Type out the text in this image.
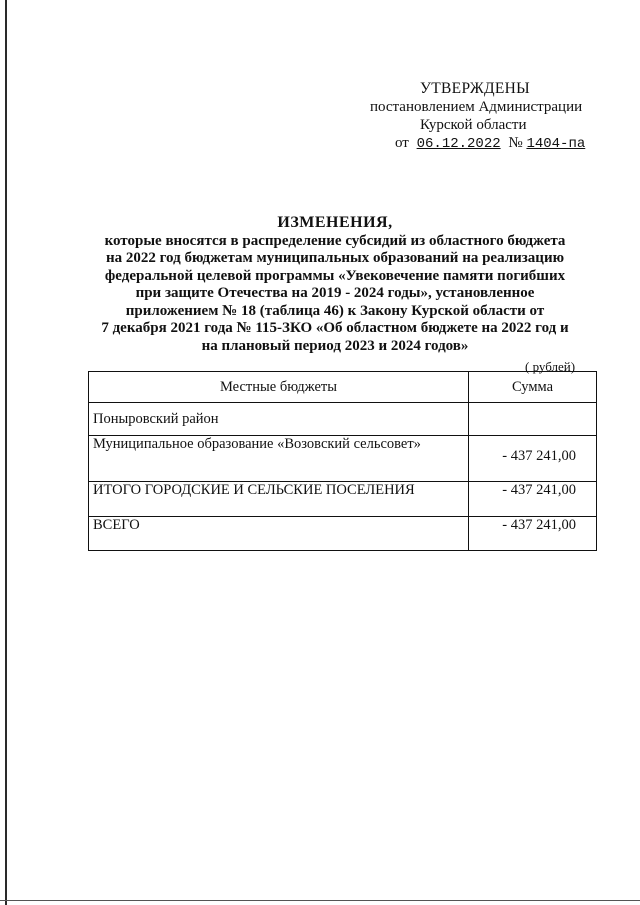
УТВЕРЖДЕНЫ
постановлением Администрации
Курской области
от 06.12.2022 № 1404-па
ИЗМЕНЕНИЯ,
которые вносятся в распределение субсидий из областного бюджета
на 2022 год бюджетам муниципальных образований на реализацию
федеральной целевой программы «Увековечение памяти погибших
при защите Отечества на 2019 - 2024 годы», установленное
приложением № 18 (таблица 46) к Закону Курской области от
7 декабря 2021 года № 115-ЗКО «Об областном бюджете на 2022 год и
на плановый период 2023 и 2024 годов»
( рублей)
Местные бюджеты	Сумма
Поныровский район	
Муниципальное образование «Возовский сельсовет»	- 437 241,00
ИТОГО ГОРОДСКИЕ И СЕЛЬСКИЕ ПОСЕЛЕНИЯ	- 437 241,00
ВСЕГО	- 437 241,00
